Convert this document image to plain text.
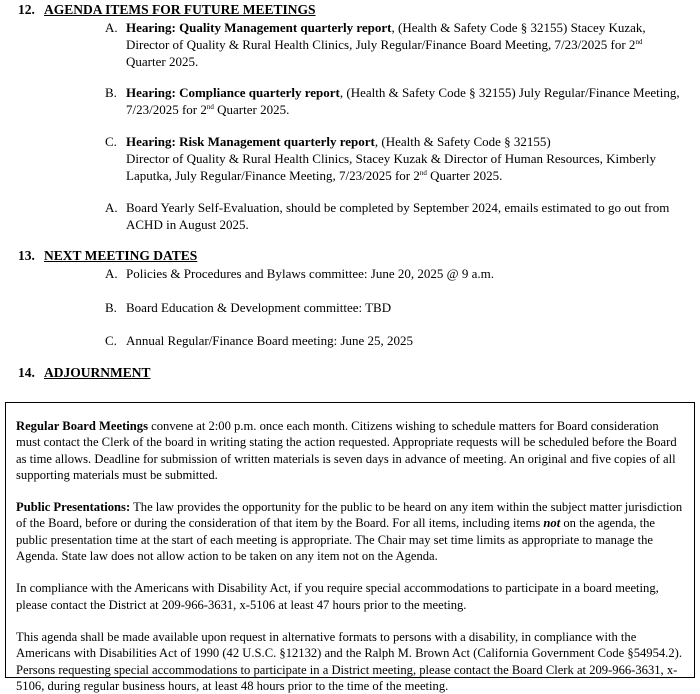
12. AGENDA ITEMS FOR FUTURE MEETINGS
A. Hearing: Quality Management quarterly report, (Health & Safety Code § 32155) Stacey Kuzak, Director of Quality & Rural Health Clinics, July Regular/Finance Board Meeting, 7/23/2025 for 2nd Quarter 2025.
B. Hearing: Compliance quarterly report, (Health & Safety Code § 32155) July Regular/Finance Meeting, 7/23/2025 for 2nd Quarter 2025.
C. Hearing: Risk Management quarterly report, (Health & Safety Code § 32155)
Director of Quality & Rural Health Clinics, Stacey Kuzak & Director of Human Resources, Kimberly Laputka, July Regular/Finance Meeting, 7/23/2025 for 2nd Quarter 2025.
A. Board Yearly Self-Evaluation, should be completed by September 2024, emails estimated to go out from ACHD in August 2025.
13. NEXT MEETING DATES
A. Policies & Procedures and Bylaws committee: June 20, 2025 @ 9 a.m.
B. Board Education & Development committee: TBD
C. Annual Regular/Finance Board meeting: June 25, 2025
14. ADJOURNMENT

Regular Board Meetings convene at 2:00 p.m. once each month. Citizens wishing to schedule matters for Board consideration must contact the Clerk of the board in writing stating the action requested. Appropriate requests will be scheduled before the Board as time allows. Deadline for submission of written materials is seven days in advance of meeting. An original and five copies of all supporting materials must be submitted.

Public Presentations: The law provides the opportunity for the public to be heard on any item within the subject matter jurisdiction of the Board, before or during the consideration of that item by the Board. For all items, including items not on the agenda, the public presentation time at the start of each meeting is appropriate. The Chair may set time limits as appropriate to manage the Agenda. State law does not allow action to be taken on any item not on the Agenda.

In compliance with the Americans with Disability Act, if you require special accommodations to participate in a board meeting, please contact the District at 209-966-3631, x-5106 at least 47 hours prior to the meeting.

This agenda shall be made available upon request in alternative formats to persons with a disability, in compliance with the Americans with Disabilities Act of 1990 (42 U.S.C. §12132) and the Ralph M. Brown Act (California Government Code §54954.2). Persons requesting special accommodations to participate in a District meeting, please contact the Board Clerk at 209-966-3631, x-5106, during regular business hours, at least 48 hours prior to the time of the meeting.
